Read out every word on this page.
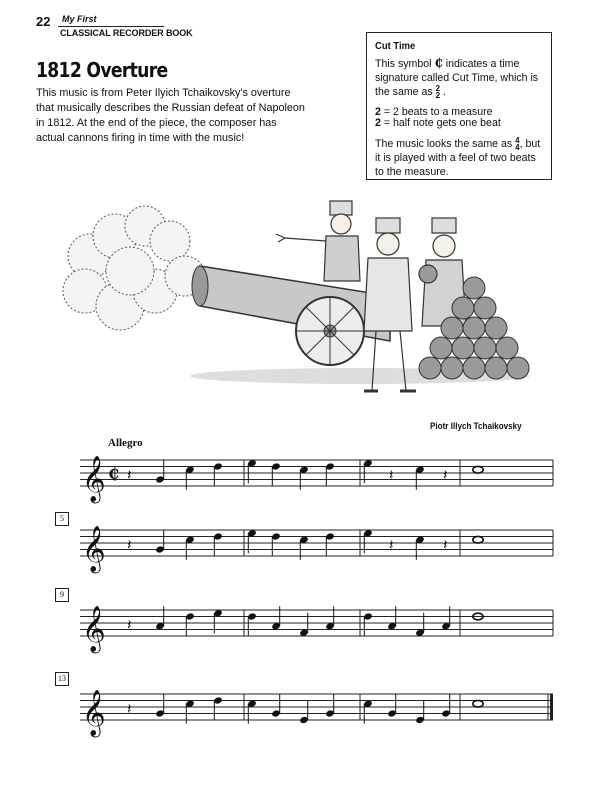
22 My First
CLASSICAL RECORDER BOOK
1812 Overture
This music is from Peter Ilyich Tchaikovsky's overture that musically describes the Russian defeat of Napoleon in 1812. At the end of the piece, the composer has actual cannons firing in time with the music!
Cut Time

This symbol ₵ indicates a time signature called Cut Time, which is the same as 2
2 .

2 = 2 beats to a measure
2 = half note gets one beat

The music looks the same as 4
4 , but it is played with a feel of two beats to the measure.

Piotr Illych Tchaikovsky
Allegro
5
9
13
𝄞 ₵ 𝄽	𝄽	𝄽
𝄞 𝄽	𝄽	𝄽
𝄞 𝄽
𝄞 𝄽
